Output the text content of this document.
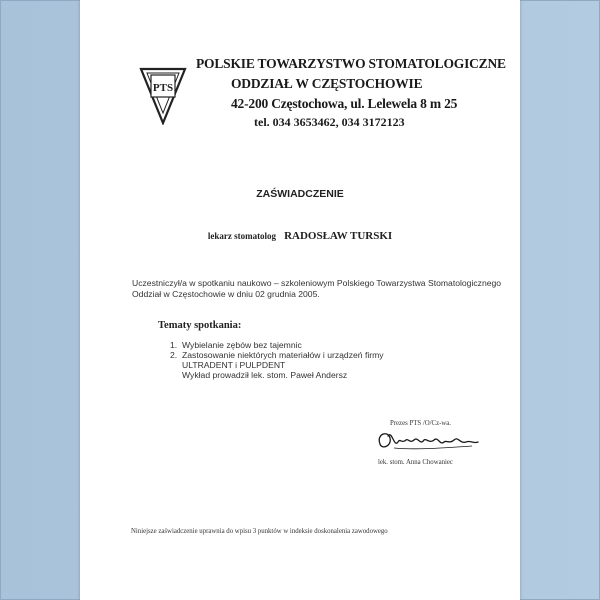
PTS
POLSKIE TOWARZYSTWO STOMATOLOGICZNE
ODDZIAŁ W CZĘSTOCHOWIE
42-200 Częstochowa, ul. Lelewela 8 m 25
tel. 034 3653462, 034 3172123
ZAŚWIADCZENIE
lekarz stomatolog RADOSŁAW TURSKI
Uczestniczył/a w spotkaniu naukowo – szkoleniowym Polskiego Towarzystwa Stomatologicznego Oddział w Częstochowie w dniu 02 grudnia 2005.
Tematy spotkania:
1. Wybielanie zębów bez tajemnic
2. Zastosowanie niektórych materiałów i urządzeń firmy
ULTRADENT i PULPDENT
Wykład prowadził lek. stom. Paweł Andersz
Prezes PTS /O/Cz-wa.
lek. stom. Anna Chowaniec
Niniejsze zaświadczenie uprawnia do wpisu 3 punktów w indeksie doskonalenia zawodowego
